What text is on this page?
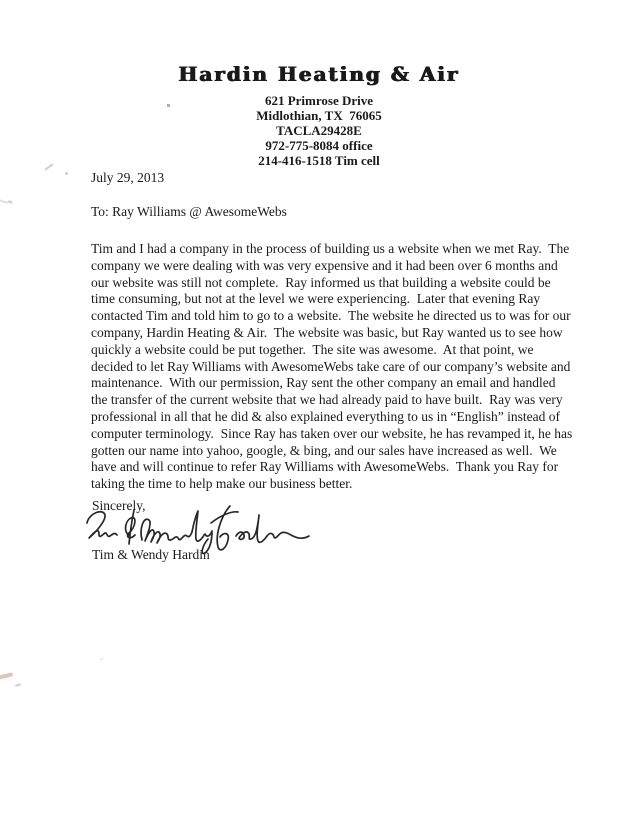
Hardin Heating & Air
621 Primrose Drive
Midlothian, TX  76065
TACLA29428E
972-775-8084 office
214-416-1518 Tim cell
July 29, 2013
To: Ray Williams @ AwesomeWebs
Tim and I had a company in the process of building us a website when we met Ray.  The
company we were dealing with was very expensive and it had been over 6 months and
our website was still not complete.  Ray informed us that building a website could be
time consuming, but not at the level we were experiencing.  Later that evening Ray
contacted Tim and told him to go to a website.  The website he directed us to was for our
company, Hardin Heating & Air.  The website was basic, but Ray wanted us to see how
quickly a website could be put together.  The site was awesome.  At that point, we
decided to let Ray Williams with AwesomeWebs take care of our company’s website and
maintenance.  With our permission, Ray sent the other company an email and handled
the transfer of the current website that we had already paid to have built.  Ray was very
professional in all that he did & also explained everything to us in “English” instead of
computer terminology.  Since Ray has taken over our website, he has revamped it, he has
gotten our name into yahoo, google, & bing, and our sales have increased as well.  We
have and will continue to refer Ray Williams with AwesomeWebs.  Thank you Ray for
taking the time to help make our business better.
Sincerely,
Tim & Wendy Hardin
